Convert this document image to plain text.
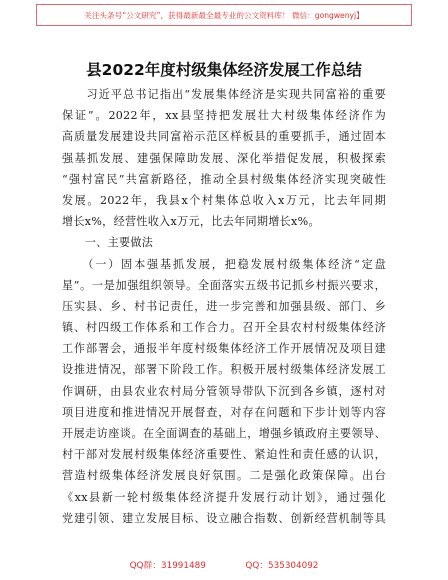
关注头条号“公文研究”，获得最新最全最专业的公文资料库！ 微信：gongwenyj】
县2022年度村级集体经济发展工作总结
　　习近平总书记指出“发展集体经济是实现共同富裕的重要
保证”。2022年，xx县坚持把发展壮大村级集体经济作为
高质量发展建设共同富裕示范区样板县的重要抓手，通过固本
强基抓发展、建强保障助发展、深化举措促发展，积极探索
“强村富民”共富新路径，推动全县村级集体经济实现突破性
发展。2022年，我县x个村集体总收入x万元，比去年同期
增长x%，经营性收入x万元，比去年同期增长x%。
　　一、主要做法
　　（一）固本强基抓发展，把稳发展村级集体经济“定盘
星”。一是加强组织领导。全面落实五级书记抓乡村振兴要求，
压实县、乡、村书记责任，进一步完善和加强县级、部门、乡
镇、村四级工作体系和工作合力。召开全县农村村级集体经济
工作部署会，通报半年度村级集体经济工作开展情况及项目建
设推进情况，部署下阶段工作。积极开展村级集体经济发展工
作调研，由县农业农村局分管领导带队下沉到各乡镇，逐村对
项目进度和推进情况开展督查，对存在问题和下步计划等内容
开展走访座谈。在全面调查的基础上，增强乡镇政府主要领导、
村干部对发展村级集体经济重要性、紧迫性和责任感的认识，
营造村级集体经济发展良好氛围。二是强化政策保障。出台
《xx县新一轮村级集体经济提升发展行动计划》，通过强化
党建引领、建立发展目标、设立融合指数、创新经营机制等具
QQ群：31991489	QQ：535304092
